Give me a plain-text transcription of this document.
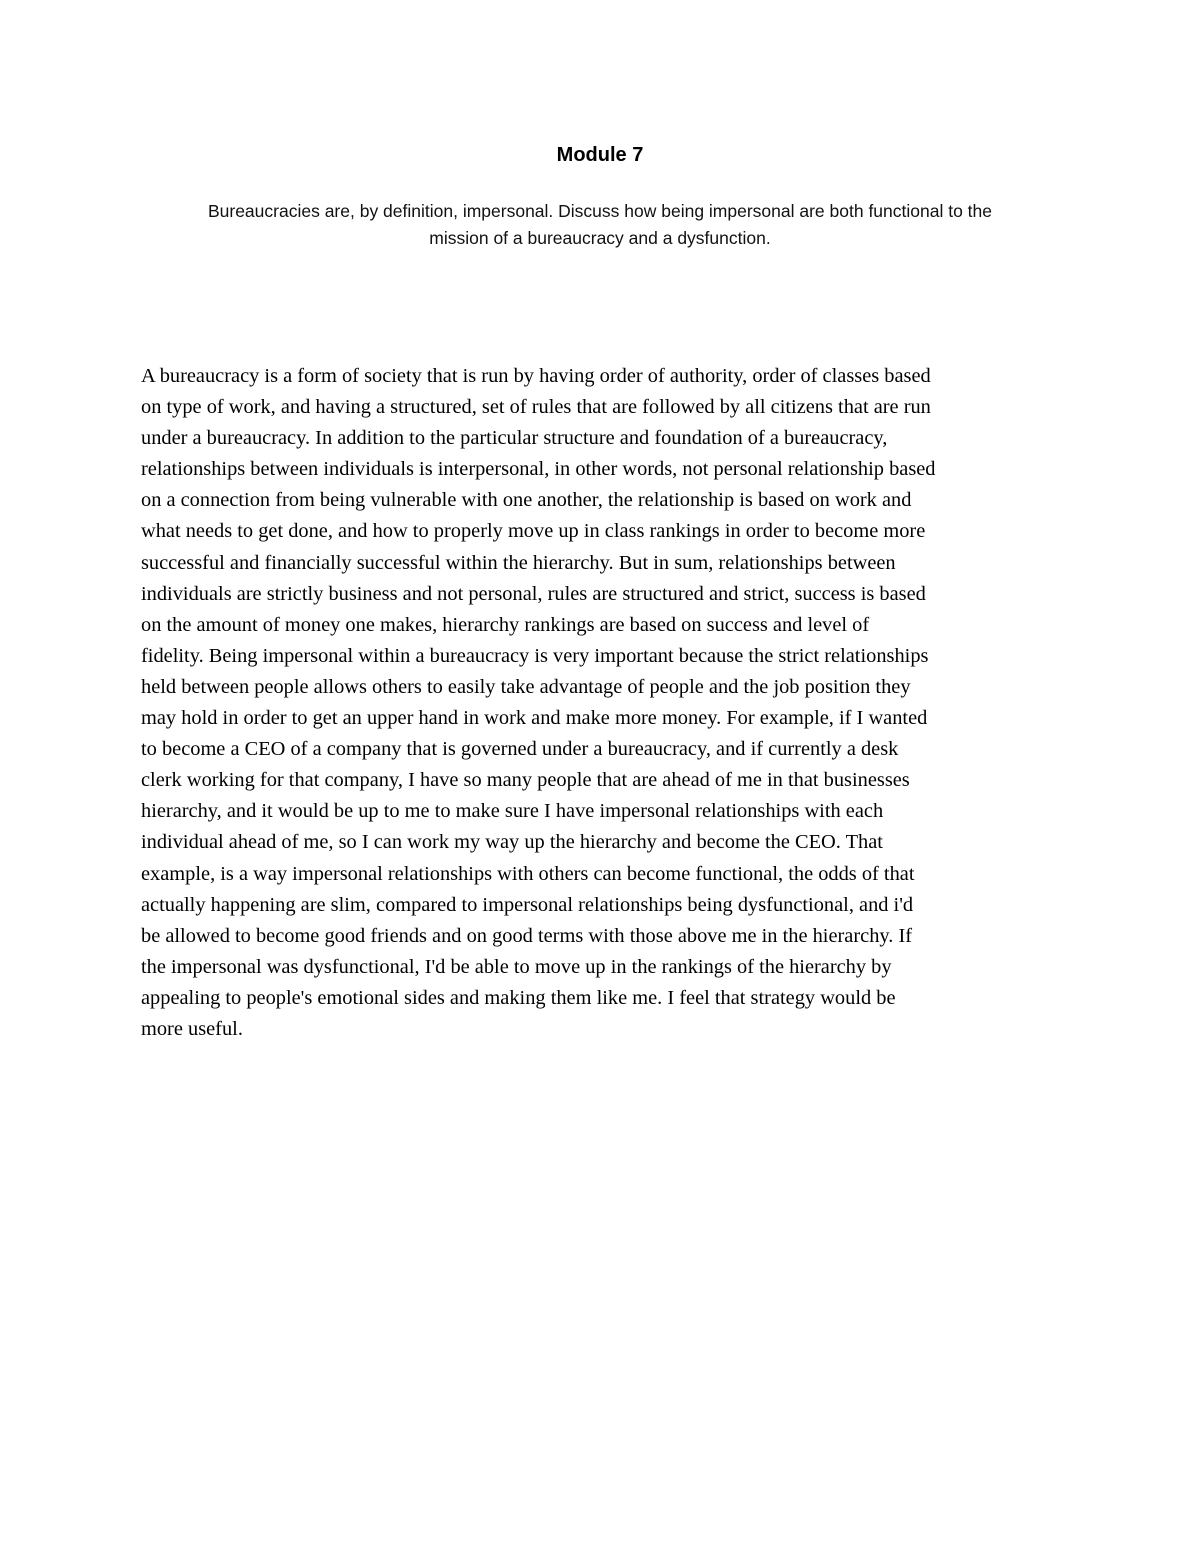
Module 7
Bureaucracies are, by definition, impersonal. Discuss how being impersonal are both functional to the
mission of a bureaucracy and a dysfunction.
A bureaucracy is a form of society that is run by having order of authority, order of classes based
on type of work, and having a structured, set of rules that are followed by all citizens that are run
under a bureaucracy. In addition to the particular structure and foundation of a bureaucracy,
relationships between individuals is interpersonal, in other words, not personal relationship based
on a connection from being vulnerable with one another, the relationship is based on work and
what needs to get done, and how to properly move up in class rankings in order to become more
successful and financially successful within the hierarchy. But in sum, relationships between
individuals are strictly business and not personal, rules are structured and strict, success is based
on the amount of money one makes, hierarchy rankings are based on success and level of
fidelity. Being impersonal within a bureaucracy is very important because the strict relationships
held between people allows others to easily take advantage of people and the job position they
may hold in order to get an upper hand in work and make more money. For example, if I wanted
to become a CEO of a company that is governed under a bureaucracy, and if currently a desk
clerk working for that company, I have so many people that are ahead of me in that businesses
hierarchy, and it would be up to me to make sure I have impersonal relationships with each
individual ahead of me, so I can work my way up the hierarchy and become the CEO. That
example, is a way impersonal relationships with others can become functional, the odds of that
actually happening are slim, compared to impersonal relationships being dysfunctional, and i'd
be allowed to become good friends and on good terms with those above me in the hierarchy. If
the impersonal was dysfunctional, I'd be able to move up in the rankings of the hierarchy by
appealing to people's emotional sides and making them like me. I feel that strategy would be
more useful.
